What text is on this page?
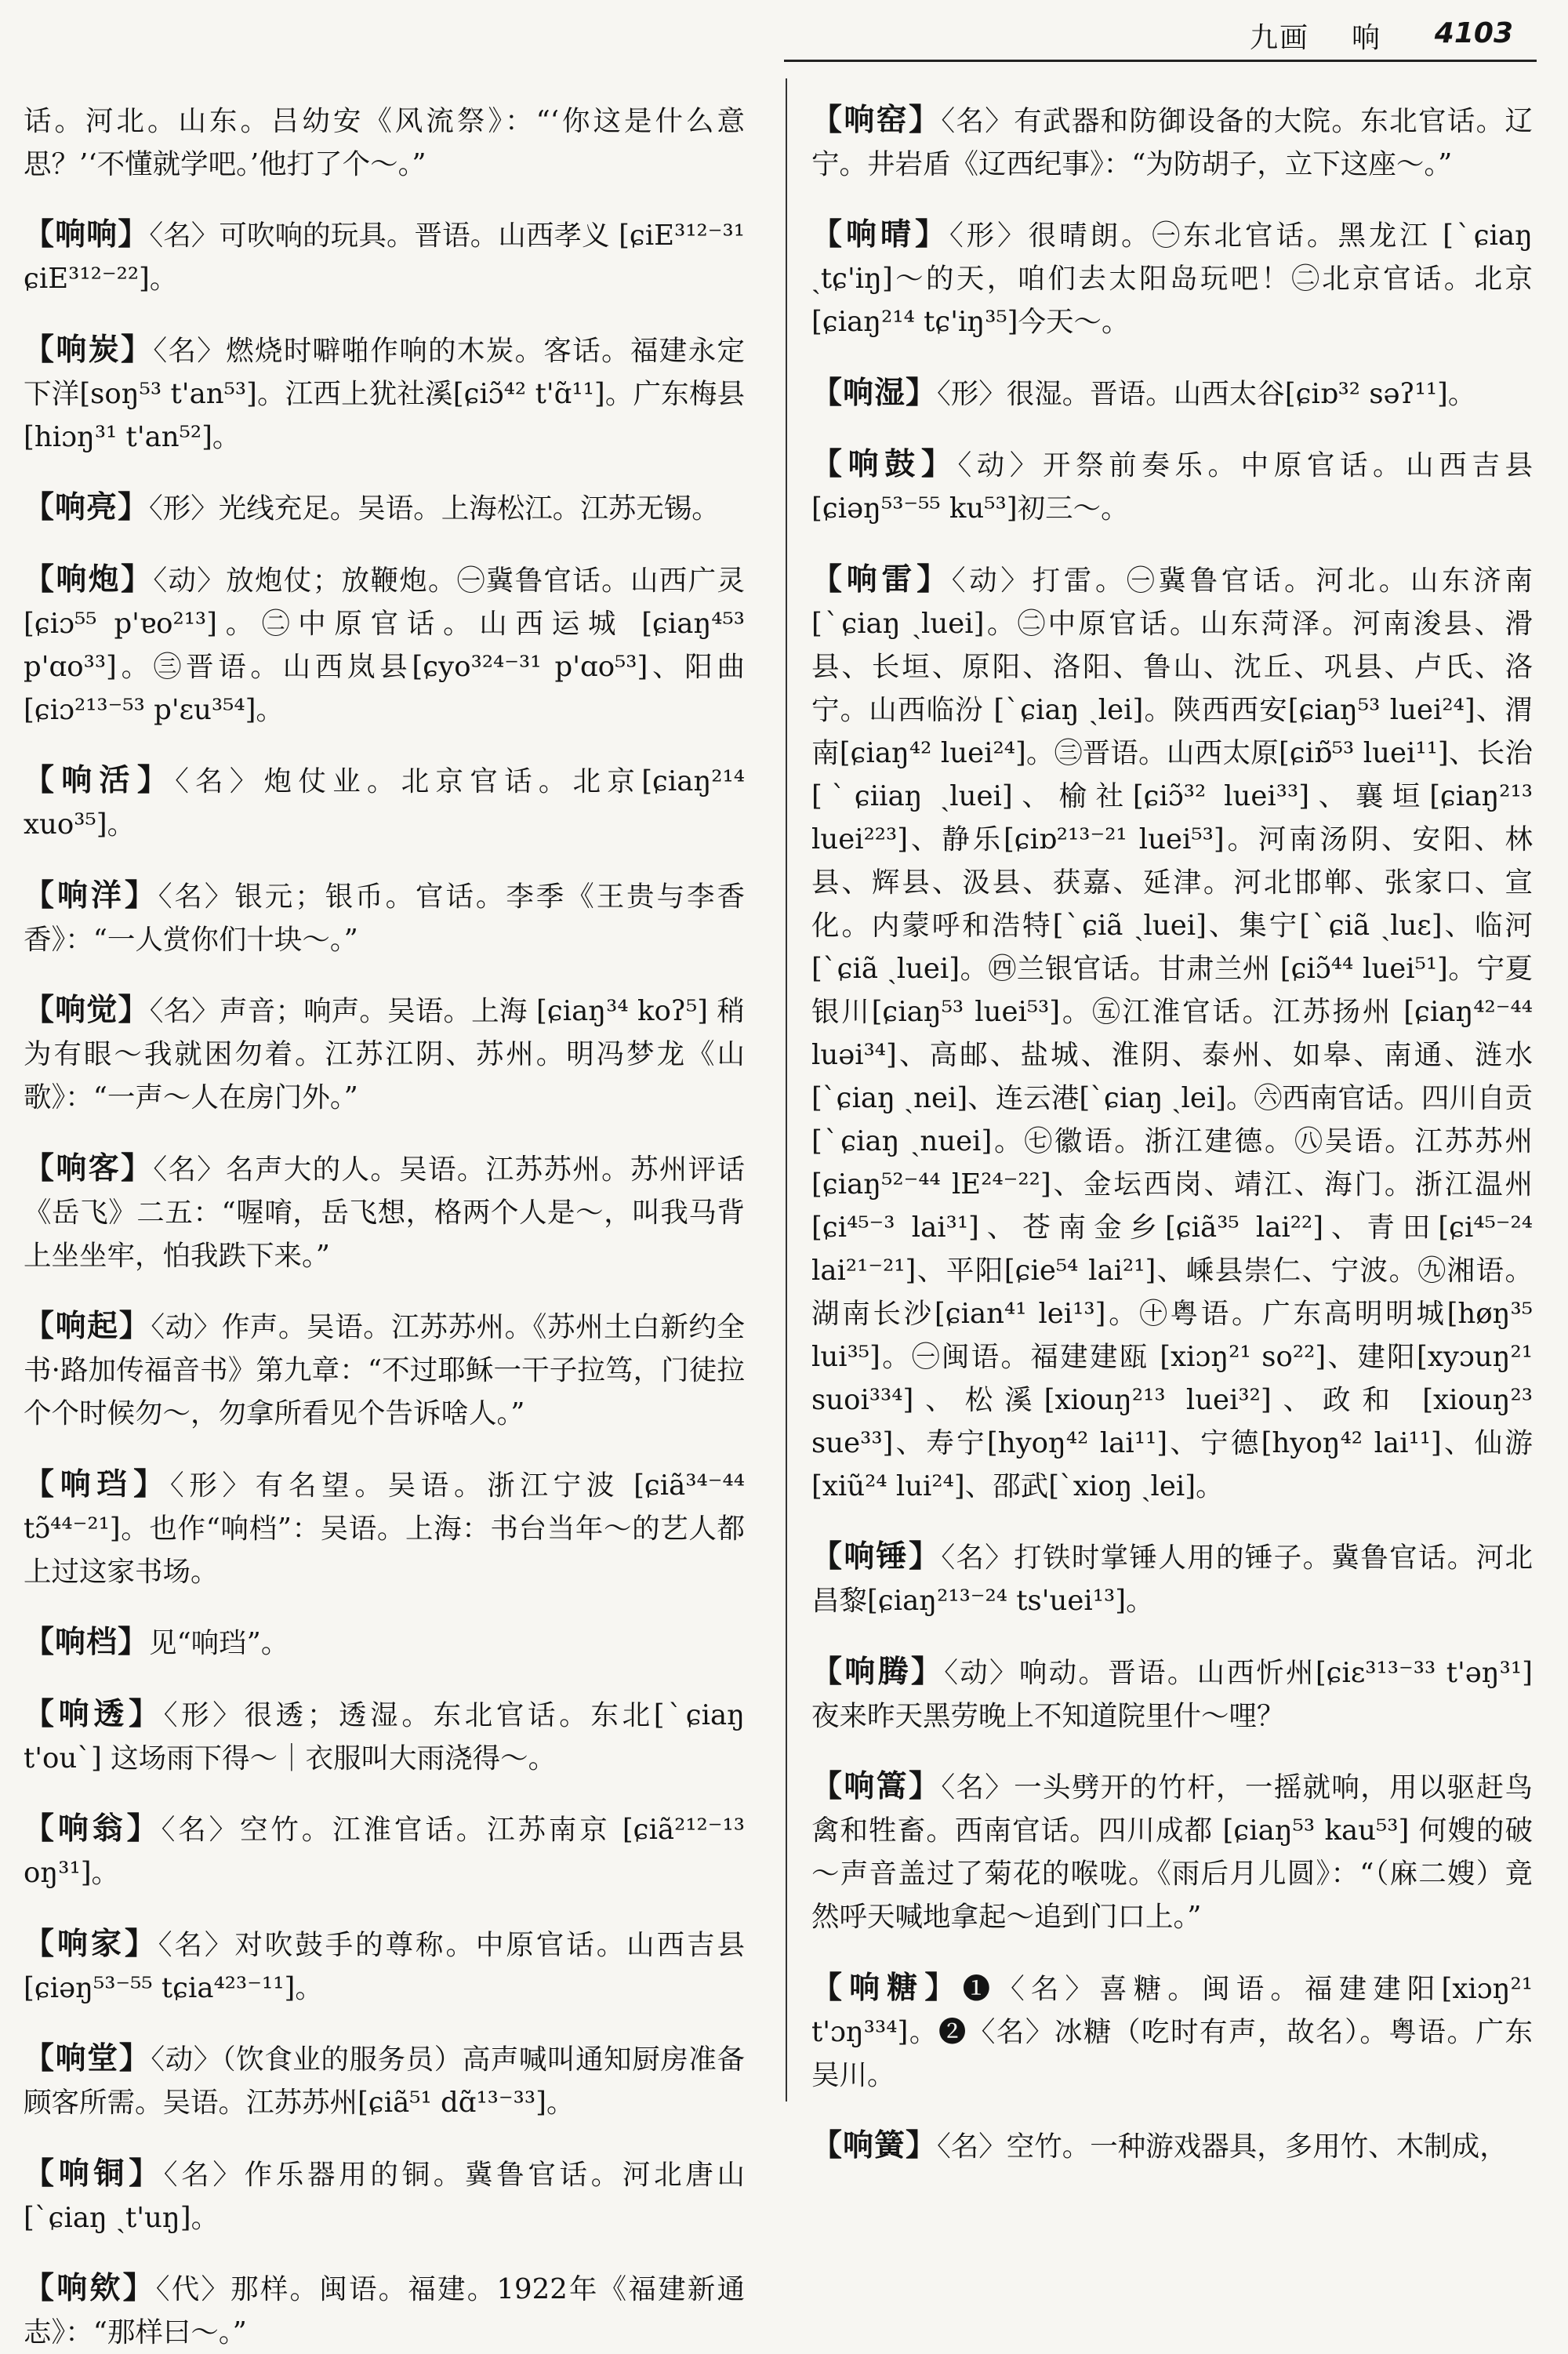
九画 响 4103

话。河北。山东。吕幼安《风流祭》：“‘你这是什么意思？’‘不懂就学吧。’他打了个～。”

【响响】〈名〉可吹响的玩具。晋语。山西孝义 [ɕiE³¹²⁻³¹ ɕiE³¹²⁻²²]。

【响炭】〈名〉燃烧时噼啪作响的木炭。客话。福建永定下洋[soŋ⁵³ t'an⁵³]。江西上犹社溪[ɕiɔ̃⁴² t'ɑ̃¹¹]。广东梅县[hiɔŋ³¹ t'an⁵²]。

【响亮】〈形〉光线充足。吴语。上海松江。江苏无锡。

【响炮】〈动〉放炮仗；放鞭炮。㊀冀鲁官话。山西广灵[ɕiɔ⁵⁵ p'ɐo²¹³]。㊁中原官话。山西运城 [ɕiaŋ⁴⁵³ p'ɑo³³]。㊂晋语。山西岚县[ɕyo³²⁴⁻³¹ p'ɑo⁵³]、阳曲[ɕiɔ²¹³⁻⁵³ p'ɛu³⁵⁴]。

【响活】〈名〉炮仗业。北京官话。北京[ɕiaŋ²¹⁴ xuo³⁵]。

【响洋】〈名〉银元；银币。官话。李季《王贵与李香香》：“一人赏你们十块～。”

【响觉】〈名〉声音；响声。吴语。上海 [ɕiaŋ³⁴ koʔ⁵] 稍为有眼～我就困勿着。江苏江阴、苏州。明冯梦龙《山歌》：“一声～人在房门外。”

【响客】〈名〉名声大的人。吴语。江苏苏州。苏州评话《岳飞》二五：“喔唷，岳飞想，格两个人是～，叫我马背上坐坐牢，怕我跌下来。”

【响起】〈动〉作声。吴语。江苏苏州。《苏州土白新约全书·路加传福音书》第九章：“不过耶稣一干子拉笃，门徒拉个个时候勿～，勿拿所看见个告诉啥人。”

【响珰】〈形〉有名望。吴语。浙江宁波 [ɕiã³⁴⁻⁴⁴ tɔ̃⁴⁴⁻²¹]。也作“响档”：吴语。上海：书台当年～的艺人都上过这家书场。

【响档】见“响珰”。

【响透】〈形〉很透；透湿。东北官话。东北[ˋɕiaŋ t'ouˋ] 这场雨下得～｜衣服叫大雨浇得～。

【响翁】〈名〉空竹。江淮官话。江苏南京 [ɕiã²¹²⁻¹³ oŋ³¹]。

【响家】〈名〉对吹鼓手的尊称。中原官话。山西吉县 [ɕiəŋ⁵³⁻⁵⁵ tɕia⁴²³⁻¹¹]。

【响堂】〈动〉（饮食业的服务员）高声喊叫通知厨房准备顾客所需。吴语。江苏苏州[ɕiã⁵¹ dɑ̃¹³⁻³³]。

【响铜】〈名〉作乐器用的铜。冀鲁官话。河北唐山 [ˋɕiaŋ ˏt'uŋ]。

【响欸】〈代〉那样。闽语。福建。1922年《福建新通志》：“那样曰～。”

【响窑】〈名〉有武器和防御设备的大院。东北官话。辽宁。井岩盾《辽西纪事》：“为防胡子，立下这座～。”

【响晴】〈形〉很晴朗。㊀东北官话。黑龙江 [ˋɕiaŋ ˏtɕ'iŋ]～的天，咱们去太阳岛玩吧！㊁北京官话。北京[ɕiaŋ²¹⁴ tɕ'iŋ³⁵]今天～。

【响湿】〈形〉很湿。晋语。山西太谷[ɕiɒ³² səʔ¹¹]。

【响鼓】〈动〉开祭前奏乐。中原官话。山西吉县[ɕiəŋ⁵³⁻⁵⁵ ku⁵³]初三～。

【响雷】〈动〉打雷。㊀冀鲁官话。河北。山东济南 [ˋɕiaŋ ˏluei]。㊁中原官话。山东菏泽。河南浚县、滑县、长垣、原阳、洛阳、鲁山、沈丘、巩县、卢氏、洛宁。山西临汾 [ˋɕiaŋ ˏlei]。陕西西安[ɕiaŋ⁵³ luei²⁴]、渭南[ɕiaŋ⁴² luei²⁴]。㊂晋语。山西太原[ɕiɒ̃⁵³ luei¹¹]、长治[ˋɕiiaŋ ˏluei]、榆社[ɕiɔ̃³² luei³³]、襄垣[ɕiaŋ²¹³ luei²²³]、静乐[ɕiɒ²¹³⁻²¹ luei⁵³]。河南汤阴、安阳、林县、辉县、汲县、获嘉、延津。河北邯郸、张家口、宣化。内蒙呼和浩特[ˋɕiã ˏluei]、集宁[ˋɕiã ˏluɛ]、临河[ˋɕiã ˏluei]。㊃兰银官话。甘肃兰州 [ɕiɔ̃⁴⁴ luei⁵¹]。宁夏银川[ɕiaŋ⁵³ luei⁵³]。㊄江淮官话。江苏扬州 [ɕiaŋ⁴²⁻⁴⁴ luəi³⁴]、高邮、盐城、淮阴、泰州、如皋、南通、涟水[ˋɕiaŋ ˏnei]、连云港[ˋɕiaŋ ˏlei]。㊅西南官话。四川自贡[ˋɕiaŋ ˏnuei]。㊆徽语。浙江建德。㊇吴语。江苏苏州[ɕiaŋ⁵²⁻⁴⁴ lE²⁴⁻²²]、金坛西岗、靖江、海门。浙江温州[ɕi⁴⁵⁻³ lai³¹]、苍南金乡[ɕiã³⁵ lai²²]、青田[ɕi⁴⁵⁻²⁴ lai²¹⁻²¹]、平阳[ɕie⁵⁴ lai²¹]、嵊县崇仁、宁波。㊈湘语。湖南长沙[ɕian⁴¹ lei¹³]。㊉粤语。广东高明明城[høŋ³⁵ lui³⁵]。㊀闽语。福建建瓯 [xiɔŋ²¹ so²²]、建阳[xyɔuŋ²¹ suoi³³⁴]、松溪[xiouŋ²¹³ luei³²]、政和 [xiouŋ²³ sue³³]、寿宁[hyoŋ⁴² lai¹¹]、宁德[hyoŋ⁴² lai¹¹]、仙游[xiũ²⁴ lui²⁴]、邵武[ˋxioŋ ˏlei]。

【响锤】〈名〉打铁时掌锤人用的锤子。冀鲁官话。河北昌黎[ɕiaŋ²¹³⁻²⁴ ts'uei¹³]。

【响腾】〈动〉响动。晋语。山西忻州[ɕiɛ³¹³⁻³³ t'əŋ³¹] 夜来昨天黑劳晚上不知道院里什～哩？

【响篙】〈名〉一头劈开的竹杆，一摇就响，用以驱赶鸟禽和牲畜。西南官话。四川成都 [ɕiaŋ⁵³ kau⁵³] 何嫂的破～声音盖过了菊花的喉咙。《雨后月儿圆》：“（麻二嫂）竟然呼天喊地拿起～追到门口上。”

【响糖】❶〈名〉喜糖。闽语。福建建阳[xiɔŋ²¹ t'ɔŋ³³⁴]。❷〈名〉冰糖（吃时有声，故名）。粤语。广东吴川。

【响簧】〈名〉空竹。一种游戏器具，多用竹、木制成，
